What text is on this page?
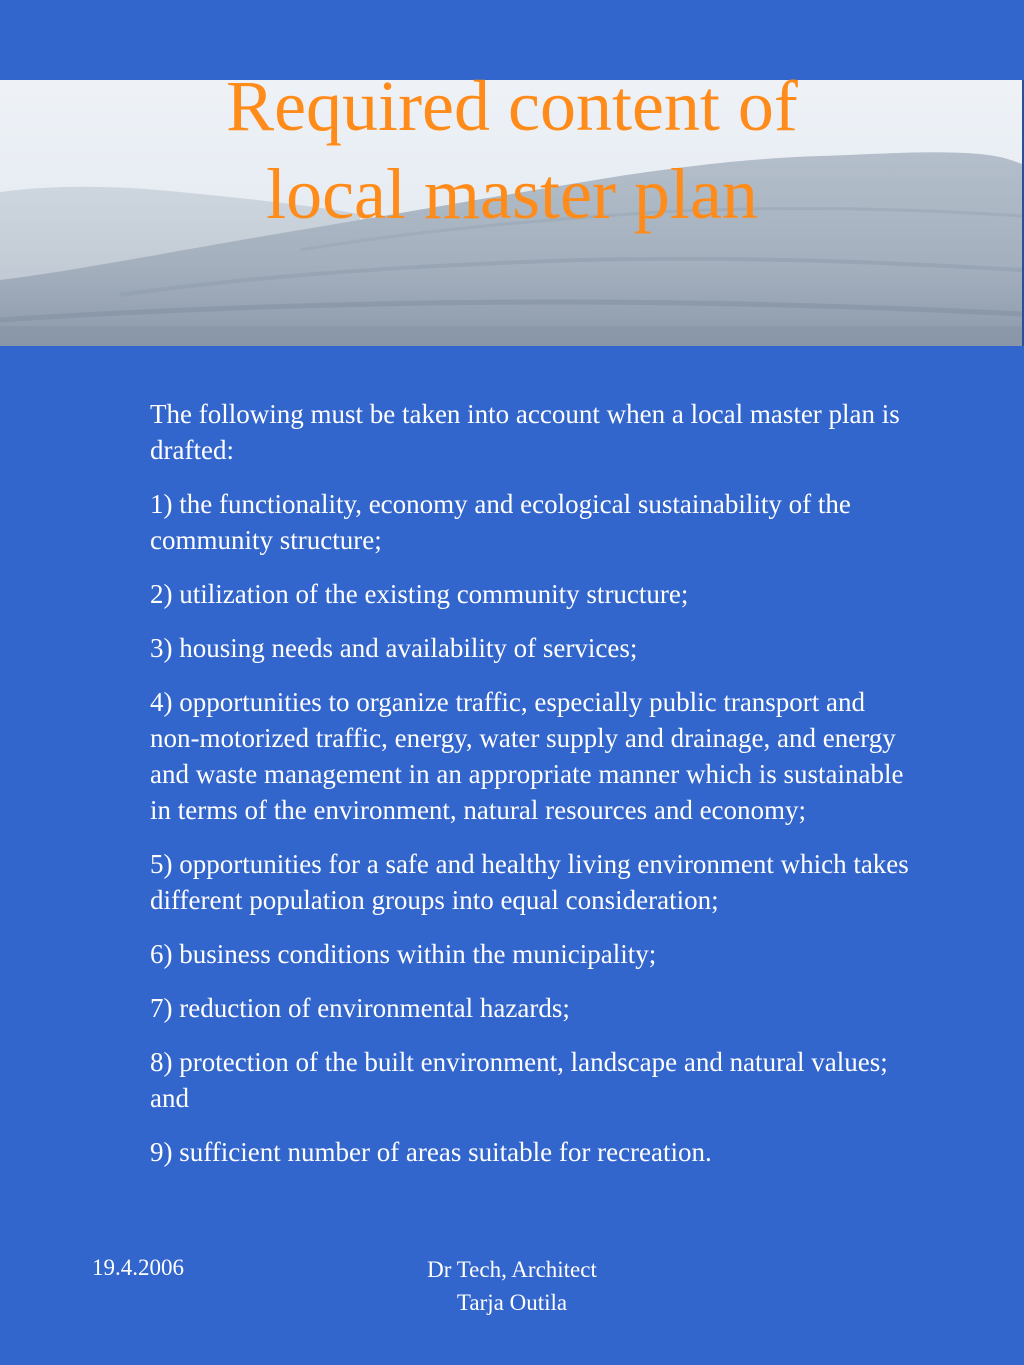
Required content of
local master plan

The following must be taken into account when a local master plan is drafted:

1) the functionality, economy and ecological sustainability of the community structure;

2) utilization of the existing community structure;

3) housing needs and availability of services;

4) opportunities to organize traffic, especially public transport and non-motorized traffic, energy, water supply and drainage, and energy and waste management in an appropriate manner which is sustainable in terms of the environment, natural resources and economy;

5) opportunities for a safe and healthy living environment which takes different population groups into equal consideration;

6) business conditions within the municipality;

7) reduction of environmental hazards;

8) protection of the built environment, landscape and natural values; and

9) sufficient number of areas suitable for recreation.

19.4.2006	Dr Tech, Architect
Tarja Outila
